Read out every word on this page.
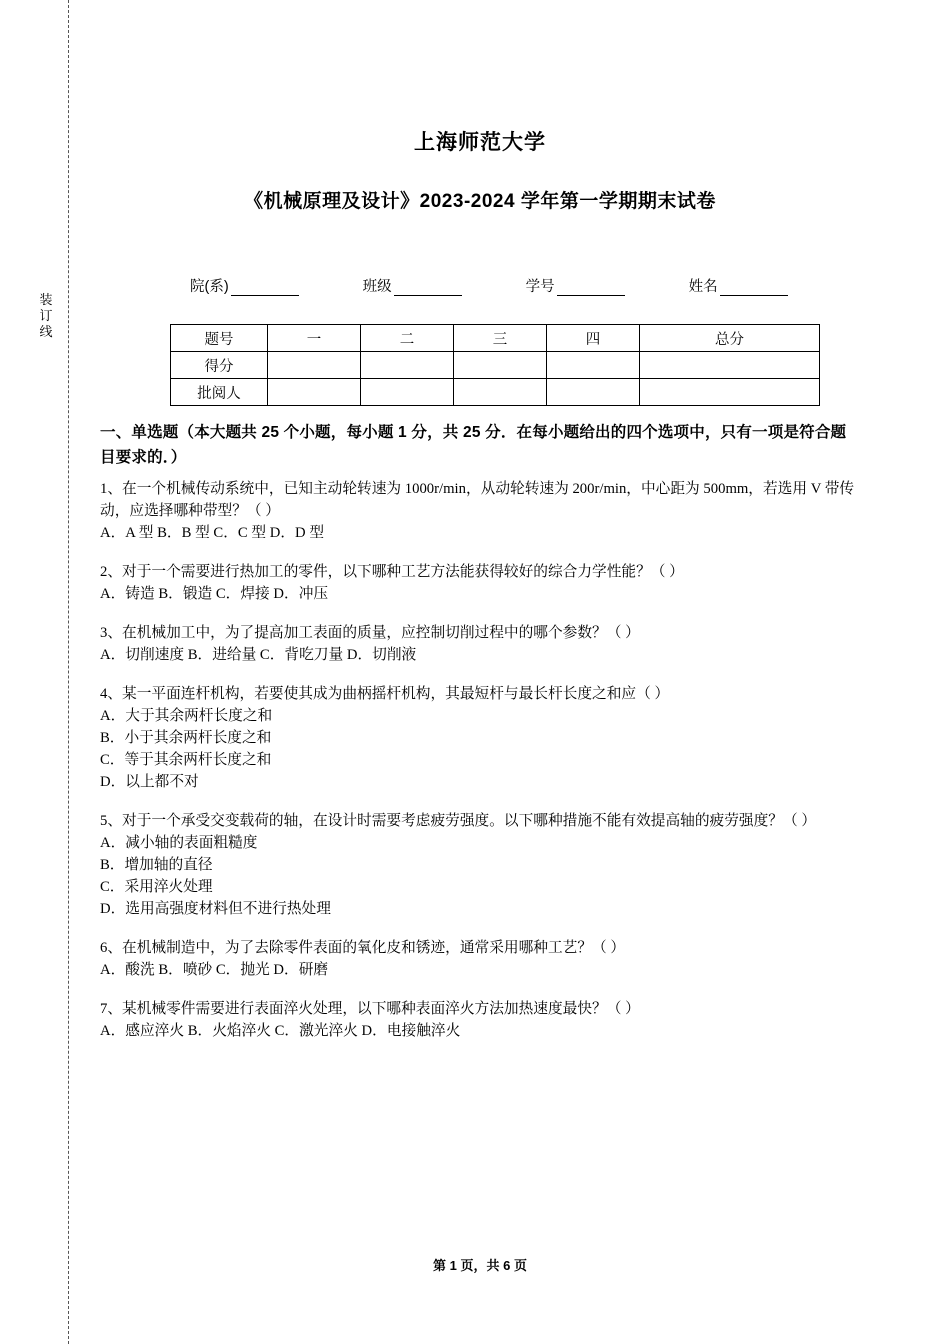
装订线
上海师范大学
《机械原理及设计》2023-2024 学年第一学期期末试卷
院(系)	班级	学号	姓名
题号	一	二	三	四	总分
得分					
批阅人					
一、单选题（本大题共 25 个小题，每小题 1 分，共 25 分．在每小题给出的四个选项中，只有一项是符合题目要求的．）

1、在一个机械传动系统中，已知主动轮转速为 1000r/min，从动轮转速为 200r/min，中心距为 500mm，若选用 V 带传动，应选择哪种带型？（ ）

A．A 型 B．B 型 C．C 型 D．D 型

2、对于一个需要进行热加工的零件，以下哪种工艺方法能获得较好的综合力学性能？（ ）

A．铸造 B．锻造 C．焊接 D．冲压

3、在机械加工中，为了提高加工表面的质量，应控制切削过程中的哪个参数？（ ）

A．切削速度 B．进给量 C．背吃刀量 D．切削液

4、某一平面连杆机构，若要使其成为曲柄摇杆机构，其最短杆与最长杆长度之和应（ ）

A．大于其余两杆长度之和

B．小于其余两杆长度之和

C．等于其余两杆长度之和

D．以上都不对

5、对于一个承受交变载荷的轴，在设计时需要考虑疲劳强度。以下哪种措施不能有效提高轴的疲劳强度？（ ）

A．减小轴的表面粗糙度

B．增加轴的直径

C．采用淬火处理

D．选用高强度材料但不进行热处理

6、在机械制造中，为了去除零件表面的氧化皮和锈迹，通常采用哪种工艺？（ ）

A．酸洗 B．喷砂 C．抛光 D．研磨

7、某机械零件需要进行表面淬火处理，以下哪种表面淬火方法加热速度最快？（ ）

A．感应淬火 B．火焰淬火 C．激光淬火 D．电接触淬火

第 1 页，共 6 页
